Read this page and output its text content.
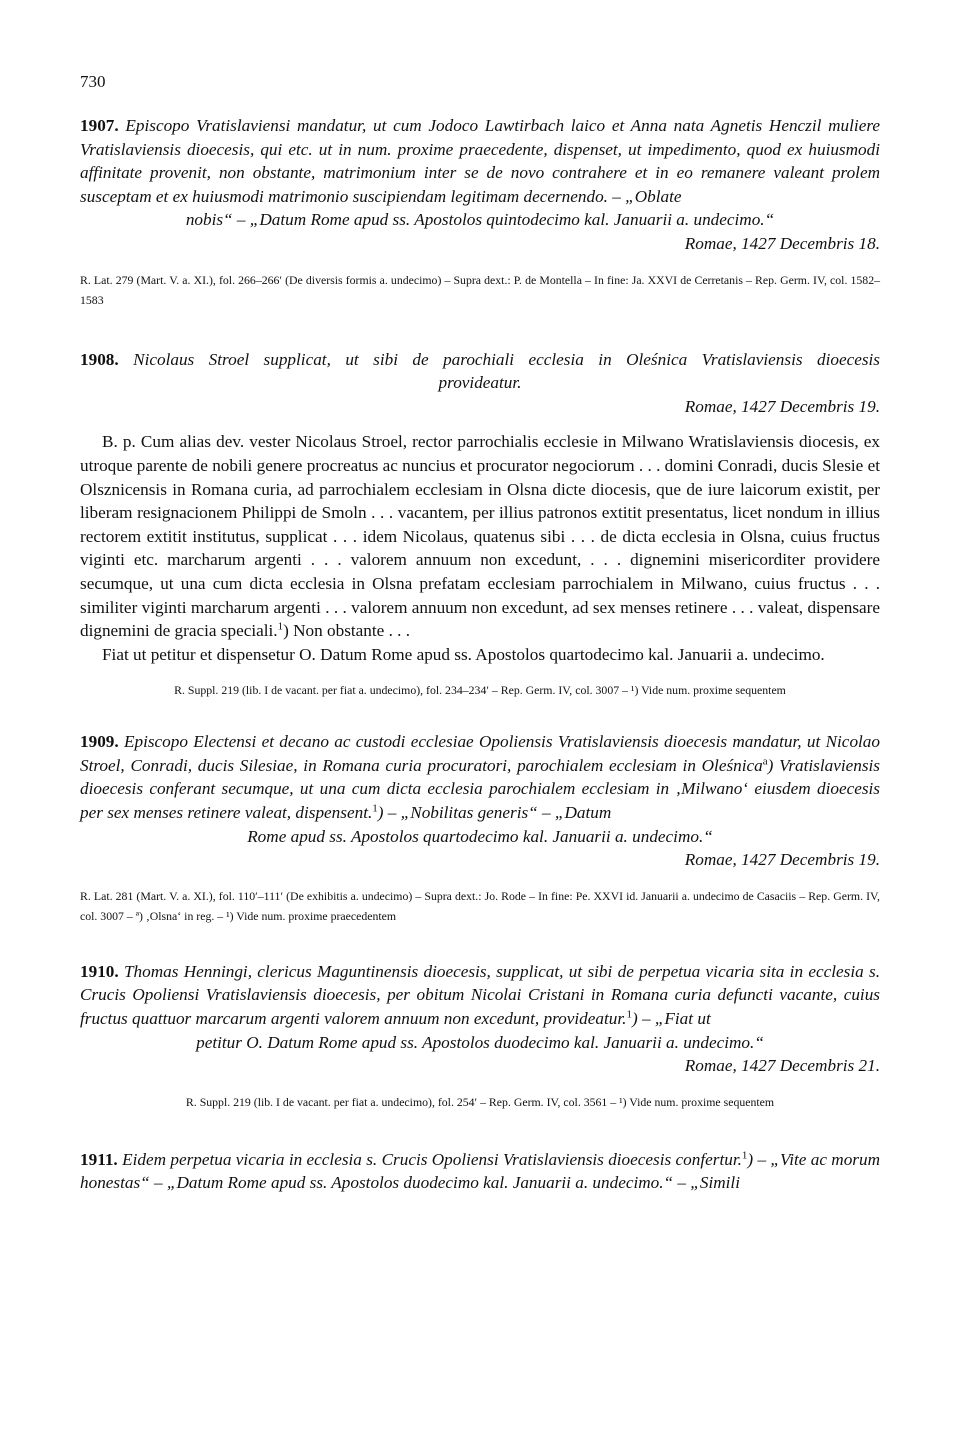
730

1907. Episcopo Vratislaviensi mandatur, ut cum Jodoco Lawtirbach laico et Anna nata Agnetis Henczil muliere Vratislaviensis dioecesis, qui etc. ut in num. proxime praecedente, dispenset, ut impedimento, quod ex huiusmodi affinitate provenit, non obstante, matrimonium inter se de novo contrahere et in eo remanere valeant prolem susceptam et ex huiusmodi matrimonio suscipiendam legitimam decernendo. – „Oblate

nobis“ – „Datum Rome apud ss. Apostolos quintodecimo kal. Januarii a. undecimo.“

Romae, 1427 Decembris 18.

R. Lat. 279 (Mart. V. a. XI.), fol. 266–266′ (De diversis formis a. undecimo) – Supra dext.: P. de Montella – In fine: Ja. XXVI de Cerretanis – Rep. Germ. IV, col. 1582–1583

1908. Nicolaus Stroel supplicat, ut sibi de parochiali ecclesia in Oleśnica Vratislaviensis dioecesis

provideatur.

Romae, 1427 Decembris 19.

B. p. Cum alias dev. vester Nicolaus Stroel, rector parrochialis ecclesie in Milwano Wratislaviensis diocesis, ex utroque parente de nobili genere procreatus ac nuncius et procurator negociorum . . . domini Conradi, ducis Slesie et Olsznicensis in Romana curia, ad parrochialem ecclesiam in Olsna dicte diocesis, que de iure laicorum existit, per liberam resignacionem Philippi de Smoln . . . vacantem, per illius patronos extitit presentatus, licet nondum in illius rectorem extitit institutus, supplicat . . . idem Nicolaus, quatenus sibi . . . de dicta ecclesia in Olsna, cuius fructus viginti etc. marcharum argenti . . . valorem annuum non excedunt, . . . dignemini misericorditer providere secumque, ut una cum dicta ecclesia in Olsna prefatam ecclesiam parrochialem in Milwano, cuius fructus . . . similiter viginti marcharum argenti . . . valorem annuum non excedunt, ad sex menses retinere . . . valeat, dispensare dignemini de gracia speciali.$^1$) Non obstante . . .

Fiat ut petitur et dispensetur O. Datum Rome apud ss. Apostolos quartodecimo kal. Januarii a. undecimo.

R. Suppl. 219 (lib. I de vacant. per fiat a. undecimo), fol. 234–234′ – Rep. Germ. IV, col. 3007 – ¹) Vide num. proxime sequentem

1909. Episcopo Electensi et decano ac custodi ecclesiae Opoliensis Vratislaviensis dioecesis mandatur, ut Nicolao Stroel, Conradi, ducis Silesiae, in Romana curia procuratori, parochialem ecclesiam in Oleśnica$^a$) Vratislaviensis dioecesis conferant secumque, ut una cum dicta ecclesia parochialem ecclesiam in ‚Milwano‘ eiusdem dioecesis per sex menses retinere valeat, dispensent.$^1$) – „Nobilitas generis“ – „Datum

Rome apud ss. Apostolos quartodecimo kal. Januarii a. undecimo.“

Romae, 1427 Decembris 19.

R. Lat. 281 (Mart. V. a. XI.), fol. 110′–111′ (De exhibitis a. undecimo) – Supra dext.: Jo. Rode – In fine: Pe. XXVI id. Januarii a. undecimo de Casaciis – Rep. Germ. IV, col. 3007 – ª) ‚Olsna‘ in reg. – ¹) Vide num. proxime praecedentem

1910. Thomas Henningi, clericus Maguntinensis dioecesis, supplicat, ut sibi de perpetua vicaria sita in ecclesia s. Crucis Opoliensi Vratislaviensis dioecesis, per obitum Nicolai Cristani in Romana curia defuncti vacante, cuius fructus quattuor marcarum argenti valorem annuum non excedunt, provideatur.$^1$) – „Fiat ut

petitur O. Datum Rome apud ss. Apostolos duodecimo kal. Januarii a. undecimo.“

Romae, 1427 Decembris 21.

R. Suppl. 219 (lib. I de vacant. per fiat a. undecimo), fol. 254′ – Rep. Germ. IV, col. 3561 – ¹) Vide num. proxime sequentem

1911. Eidem perpetua vicaria in ecclesia s. Crucis Opoliensi Vratislaviensis dioecesis confertur.$^1$) – „Vite ac morum honestas“ – „Datum Rome apud ss. Apostolos duodecimo kal. Januarii a. undecimo.“ – „Simili
